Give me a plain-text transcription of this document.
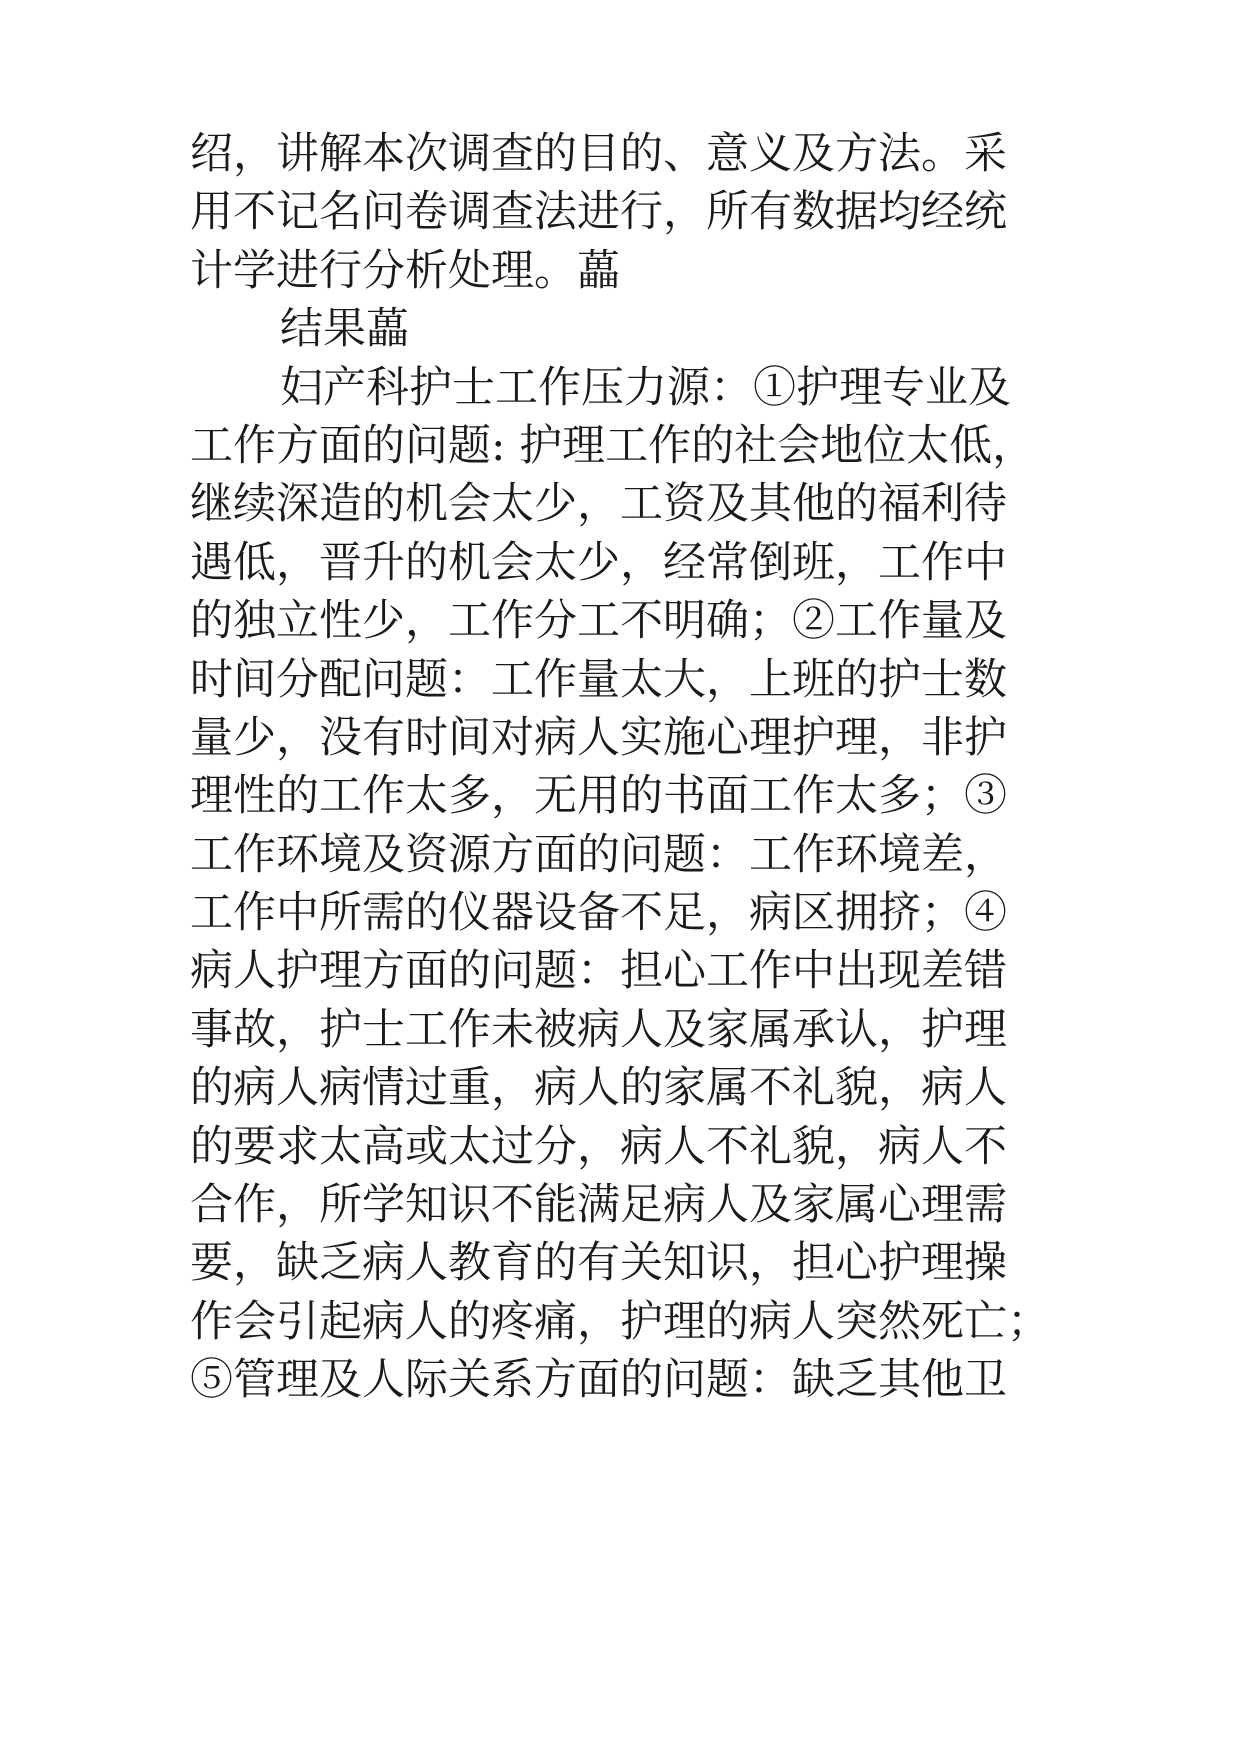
绍，讲解本次调查的目的、意义及方法。采
用不记名问卷调查法进行，所有数据均经统
计学进行分析处理。藟
结果藟
妇产科护士工作压力源：①护理专业及
工作方面的问题: 护理工作的社会地位太低，
继续深造的机会太少，工资及其他的福利待
遇低，晋升的机会太少，经常倒班，工作中
的独立性少，工作分工不明确；②工作量及
时间分配问题：工作量太大，上班的护士数
量少，没有时间对病人实施心理护理，非护
理性的工作太多，无用的书面工作太多；③
工作环境及资源方面的问题：工作环境差，
工作中所需的仪器设备不足，病区拥挤；④
病人护理方面的问题：担心工作中出现差错
事故，护士工作未被病人及家属承认，护理
的病人病情过重，病人的家属不礼貌，病人
的要求太高或太过分，病人不礼貌，病人不
合作，所学知识不能满足病人及家属心理需
要，缺乏病人教育的有关知识，担心护理操
作会引起病人的疼痛，护理的病人突然死亡；
⑤管理及人际关系方面的问题：缺乏其他卫
